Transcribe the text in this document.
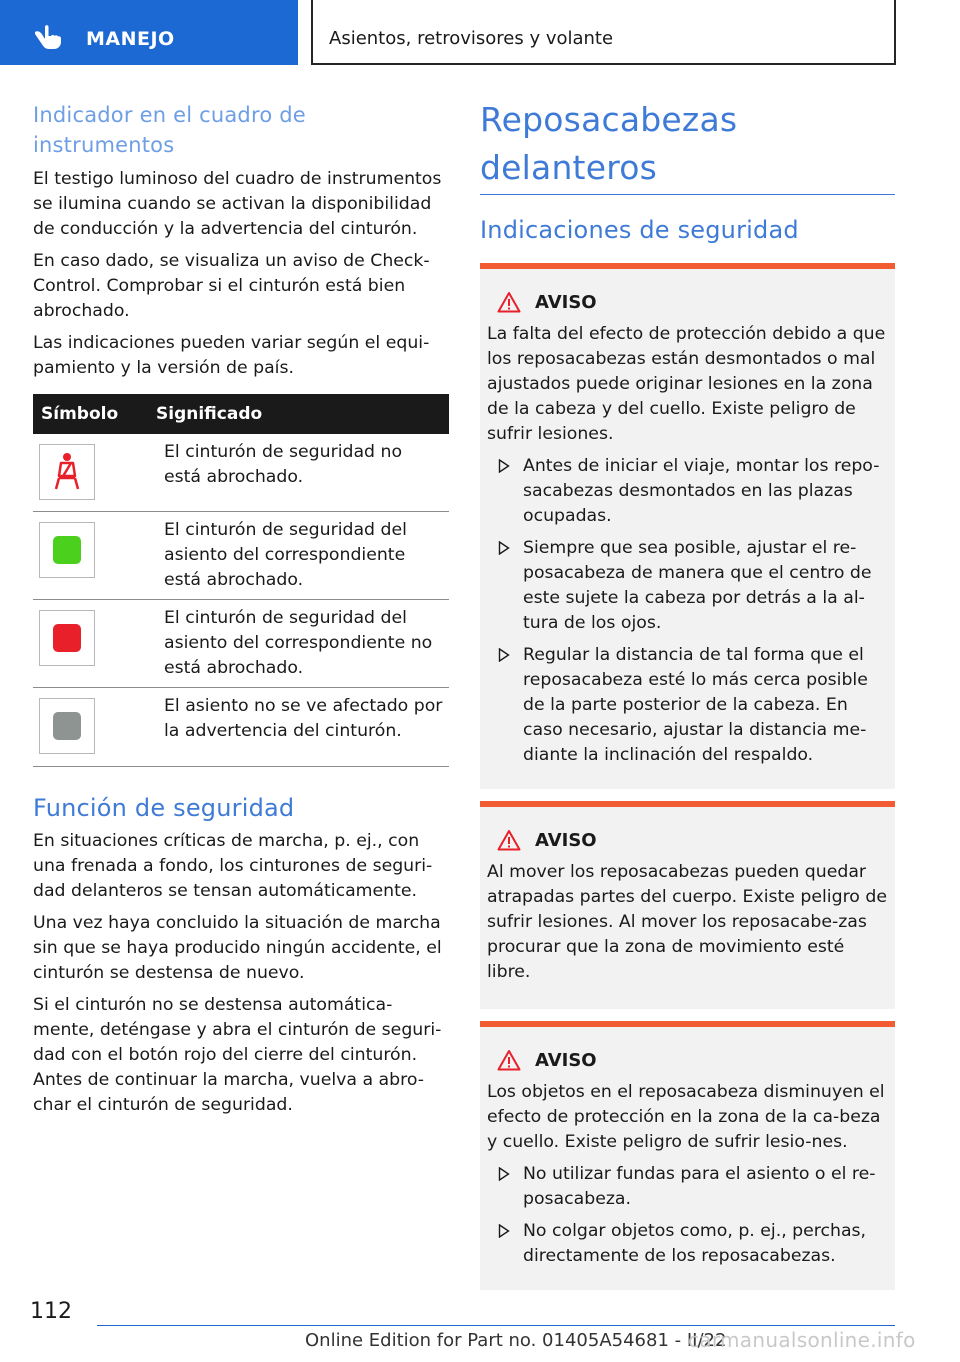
MANEJO	Asientos, retrovisores y volante
Indicador en el cuadro de instrumentos

El testigo luminoso del cuadro de instrumentos se ilumina cuando se activan la disponibilidad de conducción y la advertencia del cinturón.

En caso dado, se visualiza un aviso de Check-Control. Comprobar si el cinturón está bien abrochado.

Las indicaciones pueden variar según el equi-pamiento y la versión de país.

Símbolo	Significado

	El cinturón de seguridad no está abrochado.

	El cinturón de seguridad del asiento del correspondiente está abrochado.

	El cinturón de seguridad del asiento del correspondiente no está abrochado.

	El asiento no se ve afectado por la advertencia del cinturón.
Función de seguridad

En situaciones críticas de marcha, p. ej., con una frenada a fondo, los cinturones de seguri-dad delanteros se tensan automáticamente.

Una vez haya concluido la situación de marcha sin que se haya producido ningún accidente, el cinturón se destensa de nuevo.

Si el cinturón no se destensa automática-mente, deténgase y abra el cinturón de seguri-dad con el botón rojo del cierre del cinturón. Antes de continuar la marcha, vuelva a abro-char el cinturón de seguridad.

Reposacabezas delanteros
Indicaciones de seguridad
AVISO

La falta del efecto de protección debido a que los reposacabezas están desmontados o mal ajustados puede originar lesiones en la zona de la cabeza y del cuello. Existe peligro de sufrir lesiones.

Antes de iniciar el viaje, montar los repo-sacabezas desmontados en las plazas ocupadas.
Siempre que sea posible, ajustar el re-posacabeza de manera que el centro de este sujete la cabeza por detrás a la al-tura de los ojos.
Regular la distancia de tal forma que el reposacabeza esté lo más cerca posible de la parte posterior de la cabeza. En caso necesario, ajustar la distancia me-diante la inclinación del respaldo.
AVISO

Al mover los reposacabezas pueden quedar atrapadas partes del cuerpo. Existe peligro de sufrir lesiones. Al mover los reposacabe-zas procurar que la zona de movimiento esté libre.

AVISO

Los objetos en el reposacabeza disminuyen el efecto de protección en la zona de la ca-beza y cuello. Existe peligro de sufrir lesio-nes.

No utilizar fundas para el asiento o el re-posacabeza.
No colgar objetos como, p. ej., perchas, directamente de los reposacabezas.
112
Online Edition for Part no. 01405A54681 - II/22
carmanualsonline.info
